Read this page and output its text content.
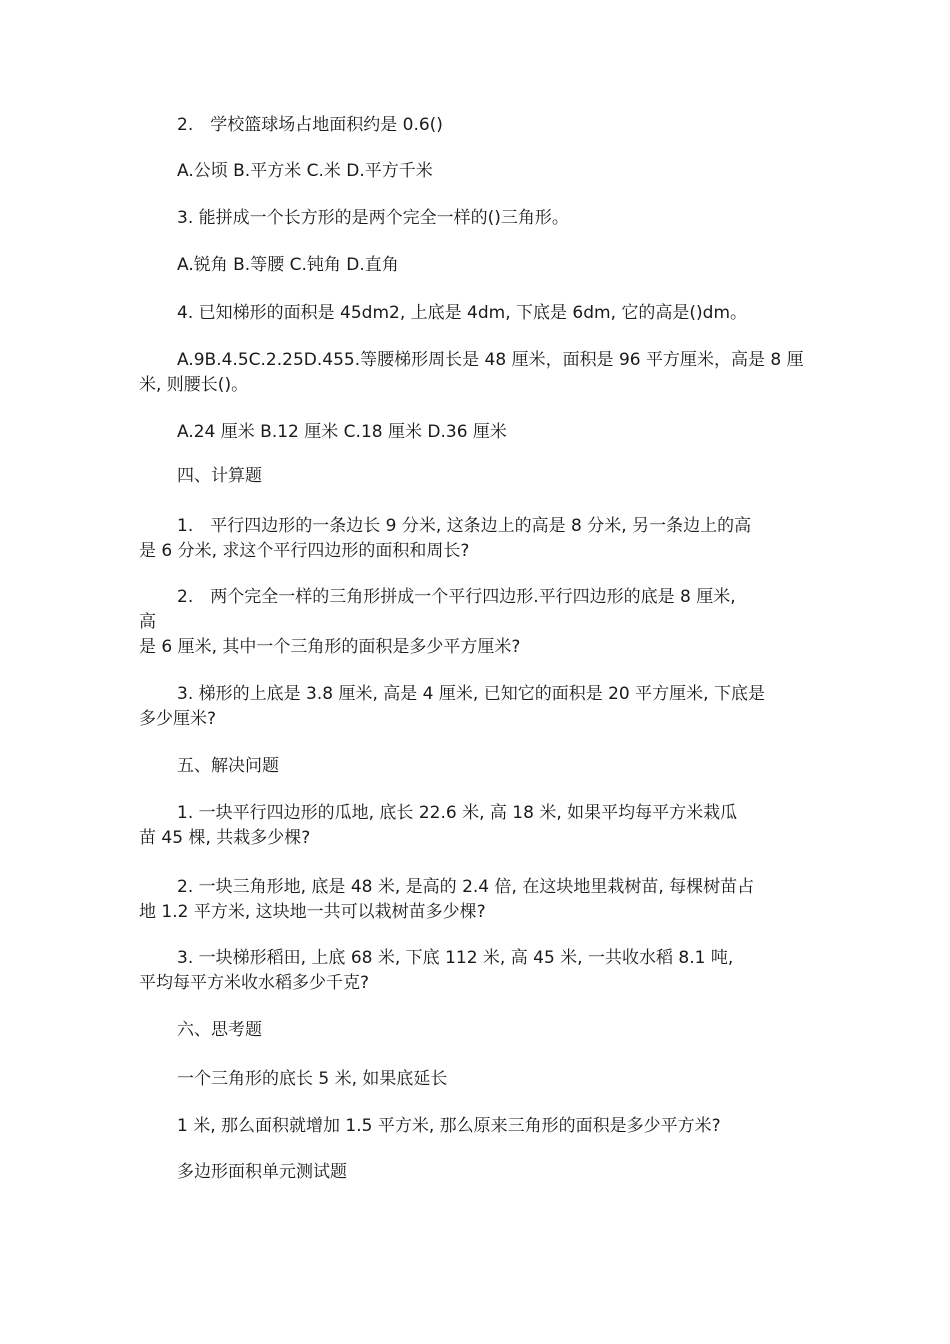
2.　学校篮球场占地面积约是 0.6()

A.公顷 B.平方米 C.米 D.平方千米

3. 能拼成一个长方形的是两个完全一样的()三角形。

A.锐角 B.等腰 C.钝角 D.直角

4. 已知梯形的面积是 45dm2, 上底是 4dm, 下底是 6dm, 它的高是()dm。

A.9B.4.5C.2.25D.455.等腰梯形周长是 48 厘米，面积是 96 平方厘米，高是 8 厘
米, 则腰长()。

A.24 厘米 B.12 厘米 C.18 厘米 D.36 厘米

四、计算题

1.　平行四边形的一条边长 9 分米, 这条边上的高是 8 分米, 另一条边上的高
是 6 分米, 求这个平行四边形的面积和周长?

2.　两个完全一样的三角形拼成一个平行四边形.平行四边形的底是 8 厘米,
高
是 6 厘米, 其中一个三角形的面积是多少平方厘米?

3. 梯形的上底是 3.8 厘米, 高是 4 厘米, 已知它的面积是 20 平方厘米, 下底是
多少厘米?

五、解决问题

1. 一块平行四边形的瓜地, 底长 22.6 米, 高 18 米, 如果平均每平方米栽瓜
苗 45 棵, 共栽多少棵?

2. 一块三角形地, 底是 48 米, 是高的 2.4 倍, 在这块地里栽树苗, 每棵树苗占
地 1.2 平方米, 这块地一共可以栽树苗多少棵?

3. 一块梯形稻田, 上底 68 米, 下底 112 米, 高 45 米, 一共收水稻 8.1 吨,
平均每平方米收水稻多少千克?

六、思考题

一个三角形的底长 5 米, 如果底延长

1 米, 那么面积就增加 1.5 平方米, 那么原来三角形的面积是多少平方米?

多边形面积单元测试题
